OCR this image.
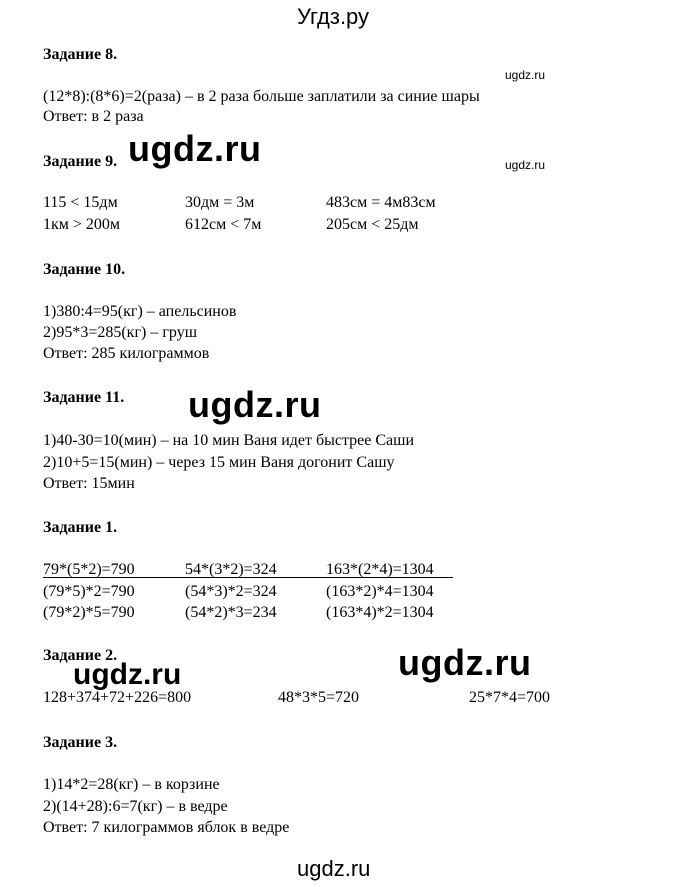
Угдз.ру
Задание 8.
ugdz.ru
(12*8):(8*6)=2(раза) – в 2 раза больше заплатили за синие шары
Ответ: в 2 раза
Задание 9. ugdz.ru	ugdz.ru
115 < 15дм	30дм = 3м	483см = 4м83см
1км > 200м	612см < 7м	205см < 25дм
Задание 10.
1)380:4=95(кг) – апельсинов
2)95*3=285(кг) – груш
Ответ: 285 килограммов
Задание 11. ugdz.ru
1)40-30=10(мин) – на 10 мин Ваня идет быстрее Саши
2)10+5=15(мин) – через 15 мин Ваня догонит Сашу
Ответ: 15мин
Задание 1.
79*(5*2)=790	54*(3*2)=324	163*(2*4)=1304
(79*5)*2=790	(54*3)*2=324	(163*2)*4=1304
(79*2)*5=790	(54*2)*3=234	(163*4)*2=1304
Задание 2.
ugdz.ru	ugdz.ru
128+374+72+226=800	48*3*5=720	25*7*4=700
Задание 3.
1)14*2=28(кг) – в корзине
2)(14+28):6=7(кг) – в ведре
Ответ: 7 килограммов яблок в ведре
ugdz.ru
